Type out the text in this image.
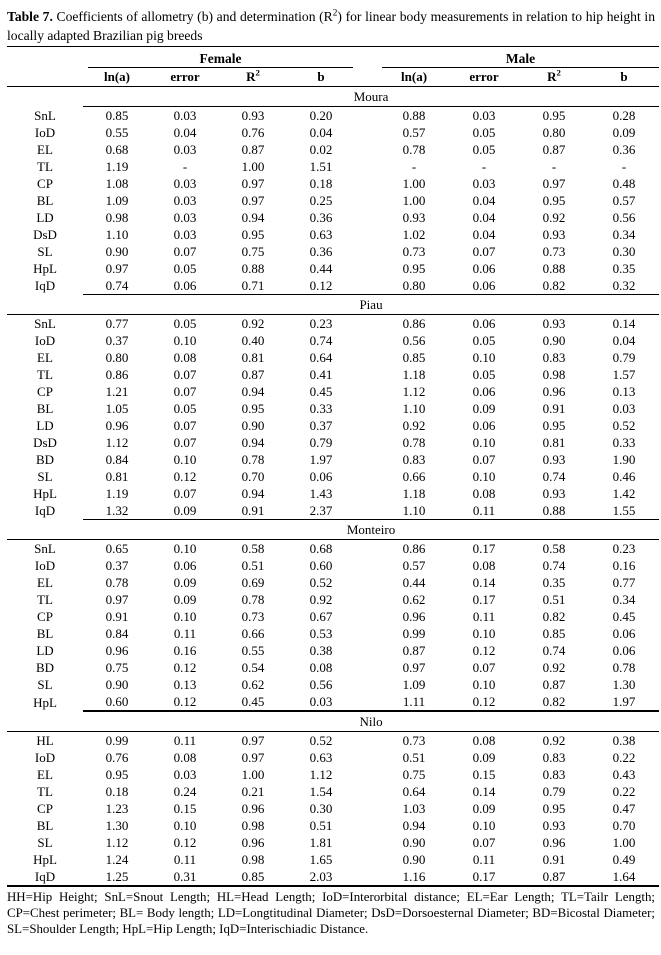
Table 7. Coefficients of allometry (b) and determination $(R^2)$ for linear body measurements in relation to hip height in locally adapted Brazilian pig breeds

	Female					Male			

	ln(a)	error	$R^2$	b		ln(a)	error	$R^2$	b
	Moura								
SnL	0.85	0.03	0.93	0.20		0.88	0.03	0.95	0.28
IoD	0.55	0.04	0.76	0.04		0.57	0.05	0.80	0.09
EL	0.68	0.03	0.87	0.02		0.78	0.05	0.87	0.36
TL	1.19	-	1.00	1.51		-	-	-	-
CP	1.08	0.03	0.97	0.18		1.00	0.03	0.97	0.48
BL	1.09	0.03	0.97	0.25		1.00	0.04	0.95	0.57
LD	0.98	0.03	0.94	0.36		0.93	0.04	0.92	0.56
DsD	1.10	0.03	0.95	0.63		1.02	0.04	0.93	0.34
SL	0.90	0.07	0.75	0.36		0.73	0.07	0.73	0.30
HpL	0.97	0.05	0.88	0.44		0.95	0.06	0.88	0.35
IqD	0.74	0.06	0.71	0.12		0.80	0.06	0.82	0.32
	Piau								
SnL	0.77	0.05	0.92	0.23		0.86	0.06	0.93	0.14
IoD	0.37	0.10	0.40	0.74		0.56	0.05	0.90	0.04
EL	0.80	0.08	0.81	0.64		0.85	0.10	0.83	0.79
TL	0.86	0.07	0.87	0.41		1.18	0.05	0.98	1.57
CP	1.21	0.07	0.94	0.45		1.12	0.06	0.96	0.13
BL	1.05	0.05	0.95	0.33		1.10	0.09	0.91	0.03
LD	0.96	0.07	0.90	0.37		0.92	0.06	0.95	0.52
DsD	1.12	0.07	0.94	0.79		0.78	0.10	0.81	0.33
BD	0.84	0.10	0.78	1.97		0.83	0.07	0.93	1.90
SL	0.81	0.12	0.70	0.06		0.66	0.10	0.74	0.46
HpL	1.19	0.07	0.94	1.43		1.18	0.08	0.93	1.42
IqD	1.32	0.09	0.91	2.37		1.10	0.11	0.88	1.55
	Monteiro								
SnL	0.65	0.10	0.58	0.68		0.86	0.17	0.58	0.23
IoD	0.37	0.06	0.51	0.60		0.57	0.08	0.74	0.16
EL	0.78	0.09	0.69	0.52		0.44	0.14	0.35	0.77
TL	0.97	0.09	0.78	0.92		0.62	0.17	0.51	0.34
CP	0.91	0.10	0.73	0.67		0.96	0.11	0.82	0.45
BL	0.84	0.11	0.66	0.53		0.99	0.10	0.85	0.06
LD	0.96	0.16	0.55	0.38		0.87	0.12	0.74	0.06
BD	0.75	0.12	0.54	0.08		0.97	0.07	0.92	0.78
SL	0.90	0.13	0.62	0.56		1.09	0.10	0.87	1.30
HpL	0.60	0.12	0.45	0.03		1.11	0.12	0.82	1.97
	Nilo								
HL	0.99	0.11	0.97	0.52		0.73	0.08	0.92	0.38
IoD	0.76	0.08	0.97	0.63		0.51	0.09	0.83	0.22
EL	0.95	0.03	1.00	1.12		0.75	0.15	0.83	0.43
TL	0.18	0.24	0.21	1.54		0.64	0.14	0.79	0.22
CP	1.23	0.15	0.96	0.30		1.03	0.09	0.95	0.47
BL	1.30	0.10	0.98	0.51		0.94	0.10	0.93	0.70
SL	1.12	0.12	0.96	1.81		0.90	0.07	0.96	1.00
HpL	1.24	0.11	0.98	1.65		0.90	0.11	0.91	0.49
IqD	1.25	0.31	0.85	2.03		1.16	0.17	0.87	1.64

HH=Hip Height; SnL=Snout Length; HL=Head Length; IoD=Interorbital distance; EL=Ear Length; TL=Tailr Length; CP=Chest perimeter; BL= Body length; LD=Longtitudinal Diameter; DsD=Dorsoesternal Diameter; BD=Bicostal Diameter; SL=Shoulder Length; HpL=Hip Length; IqD=Interischiadic Distance.
